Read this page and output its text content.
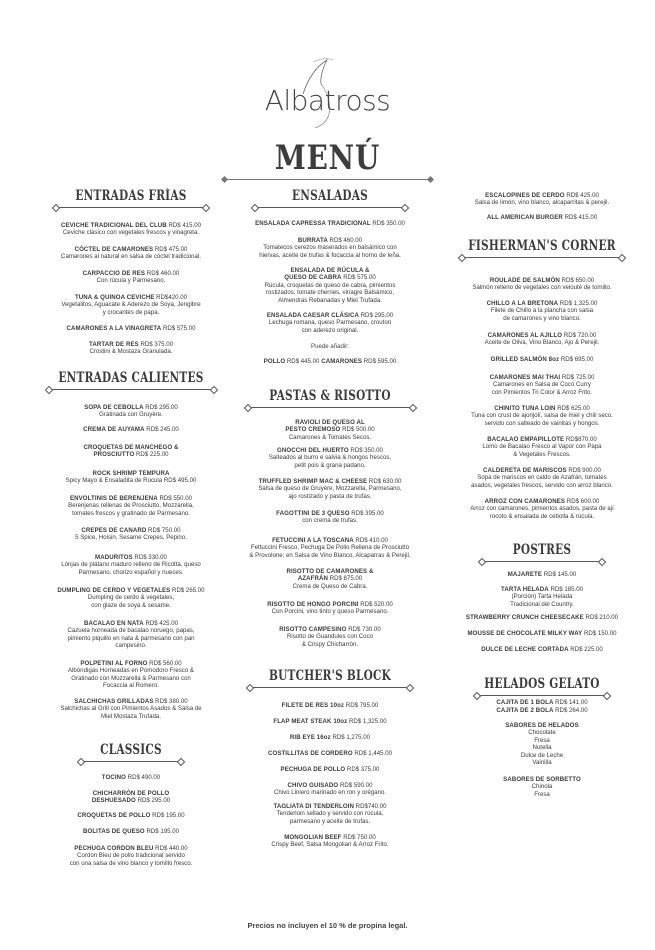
Albatross
MENÚ
ENTRADAS FRÍAS
CEVICHE TRADICIONAL DEL CLUB RD$ 415.00
Ceviche clásico con vegetales frescos y vinagreta.
CÓCTEL DE CAMARONES RD$ 475.00
Camarones al natural en salsa de cóctel tradicional.
CARPACCIO DE RES RD$ 460.00
Con rúcula y Parmesano.
TUNA & QUINOA CEVICHE RD$420.00
Vegetalitos, Aguacate & Aderezo de Soya, Jengibre
y crocantes de papa.
CAMARONES A LA VINAGRETA RD$ 575.00
TARTAR DE RES RD$ 375.00
Crostini & Mostaza Granulada.
ENTRADAS CALIENTES
SOPA DE CEBOLLA RD$ 295.00
Gratinada con Gruyère.
CREMA DE AUYAMA RD$ 245.00
CROQUETAS DE MANCHEGO &
PROSCIUTTO RD$ 225.00
ROCK SHRIMP TEMPURA
Spicy Mayo & Ensaladita de Rúcula RD$ 495.00
ENVOLTINIS DE BERENJENA RD$ 550.00
Berenjenas rellenas de Prosciutto, Mozzarella,
tomates frescos y gratinado de Parmesano.
CREPES DE CANARD RD$ 750.00
5 Spice, Hoisin, Sesame Crepes, Pepino.
MADURITOS RD$ 330.00
Lónjas de plátano maduro relleno de Ricotta, queso
Parmesano, chorizo español y nueces.
DUMPLING DE CERDO Y VEGETALES RD$ 265.00
Dumpling de cerdo & vegetales,
con glaze de soya & sesame.
BACALAO EN NATA RD$ 425.00
Cazuela horneada de bacalao noruego, papas,
pimiento piquillo en nata & parmesano con pan
campesino.
POLPETINI AL FORNO RD$ 560.00
Albóndigas Horneadas en Pomodoro Fresco &
Gratinado con Mozzarella & Parmesano con
Focaccia al Romero.
SALCHICHAS GRILLADAS RD$ 380.00
Salchichas al Grill con Pimientos Asados & Salsa de
Miel Mostaza Trufada.
CLASSICS
TOCINO RD$ 490.00
CHICHARRÓN DE POLLO
DESHUESADO RD$ 295.00
CROQUETAS DE POLLO RD$ 195.00
BOLITAS DE QUESO RD$ 195.00
PECHUGA CORDON BLEU RD$ 440.00
Cordon Bleu de pollo tradicional servido
con una salsa de vino blanco y tomillo fresco.
ENSALADAS
ENSALADA CAPRESSA TRADICIONAL RD$ 350.00
BURRATA RD$ 460.00
Tomatecos cerezos maserados en balsámico con
hiervas, aceite de trufas & focaccia al horno de leña.
ENSALADA DE RÚCULA &
QUESO DE CABRA RD$ 575.00
Rúcula, croquetas de queso de cabra, pimientos
rostizados, tomate cherries, vinagre Balsámico,
Almendras Rebanadas y Miel Trufada.
ENSALADA CAESAR CLÁSICA RD$ 295.00
Lechuga romana, queso Parmesano, crouton
con aderezo original.
Puede añadir:
POLLO RD$ 445.00 CAMARONES RD$ 595.00
PASTAS & RISOTTO
RAVIOLI DE QUESO AL
PESTO CREMOSO RD$ 500.00
Camarones & Tomates Secos.
GNOCCHI DEL HUERTO RD$ 350.00
Salteados al burro e salvia & hongos frescos,
petit pois & grana padano.
TRUFFLED SHRIMP MAC & CHEESE RD$ 630.00
Salsa de queso de Gruyère, Mozzarella, Parmesano,
ajo rostizado y pasta de trufas.
FAGOTTINI DE 3 QUESO RD$ 395.00
con crema de trufas.
FETUCCINI A LA TOSCANA RD$ 410.00
Fettuccini Fresco, Pechuga De Pollo Rellena de Prosciutto
& Provolone; en Salsa de Vino Blanco, Alcaparras & Perejil.
RISOTTO DE CAMARONES &
AZAFRÁN RD$ 875.00
Crema de Queso de Cabra.
RISOTTO DE HONGO PORCINI RD$ 520.00
Con Porcini, vino tinto y queso Parmesano.
RISOTTO CAMPESINO RD$ 730.00
Risotto de Guandules con Coco
& Crispy Chicharrón.
BUTCHER'S BLOCK
FILETE DE RES 10oz RD$ 795.00
FLAP MEAT STEAK 10oz RD$ 1,325.00
RIB EYE 16oz RD$ 1,275.00
COSTILLITAS DE CORDERO RD$ 1,445.00
PECHUGA DE POLLO RD$ 375.00
CHIVO GUISADO RD$ 590.00
Chivo Liniero marinado en ron y orégano.
TAGLIATA DI TENDERLOIN RD$740.00
Tenderloin sellado y servido con rúcula,
parmesano y aceite de trufas.
MONGOLIAN BEEF RD$ 750.00
Crispy Beef, Salsa Mongolian & Arroz Frito.
ESCALOPINES DE CERDO RD$ 425.00
Salsa de limón, vino blanco, alcaparritas & perejil.
ALL AMERICAN BURGER RD$ 415.00
FISHERMAN'S CORNER
ROULADE DE SALMÓN RD$ 650.00
Salmón relleno de vegetales con velouté de tomillo.
CHILLO A LA BRETONA RD$ 1,325.00
Filete de Chillo a la plancha con salsa
de camarones y vino blanco.
CAMARONES AL AJILLO RD$ 720.00
Aceite de Oliva, Vino Blanco, Ajo & Perejil.
GRILLED SALMÓN 8oz RD$ 695.00
CAMARONES MAI THAI RD$ 725.00
Camarones en Salsa de Coco Curry
con Pimientos Tri Color & Arroz Frito.
CHINITO TUNA LOIN RD$ 625.00
Tuna con crust de ajonjolí, salsa de miel y chili seco,
servido con salteado de vainitas y hongos.
BACALAO EMPAPILLOTE RD$870.00
Lomo de Bacalao Fresco al Vapor con Papa
& Vegetales Frescos.
CALDERETA DE MARISCOS RD$ 900.00
Sopa de mariscos en caldo de Azafrán, tomates
asados, vegetales frescos, servido con arroz blanco.
ARROZ CON CAMARONES RD$ 600.00
Arroz con camarones, pimientos asados, pasta de ají
rocoto & ensalada de cebolla & rúcula.
POSTRES
MAJARETE RD$ 145.00
TARTA HELADA RD$ 185.00
(Porción) Tarta Helada
Tradicional del Country.
STRAWBERRY CRUNCH CHEESECAKE RD$ 210.00
MOUSSE DE CHOCOLATE MILKY WAY RD$ 150.00
DULCE DE LECHE CORTADA RD$ 225.00
HELADOS GELATO
CAJITA DE 1 BOLA RD$ 141.00
CAJITA DE 2 BOLA RD$ 264.00
SABORES DE HELADOS
Chocolate
Fresa
Nutella
Dulce de Leche
Vainilla
SABORES DE SORBETTO
Chinola
Fresa
Precios no incluyen el 10 % de propina legal.
